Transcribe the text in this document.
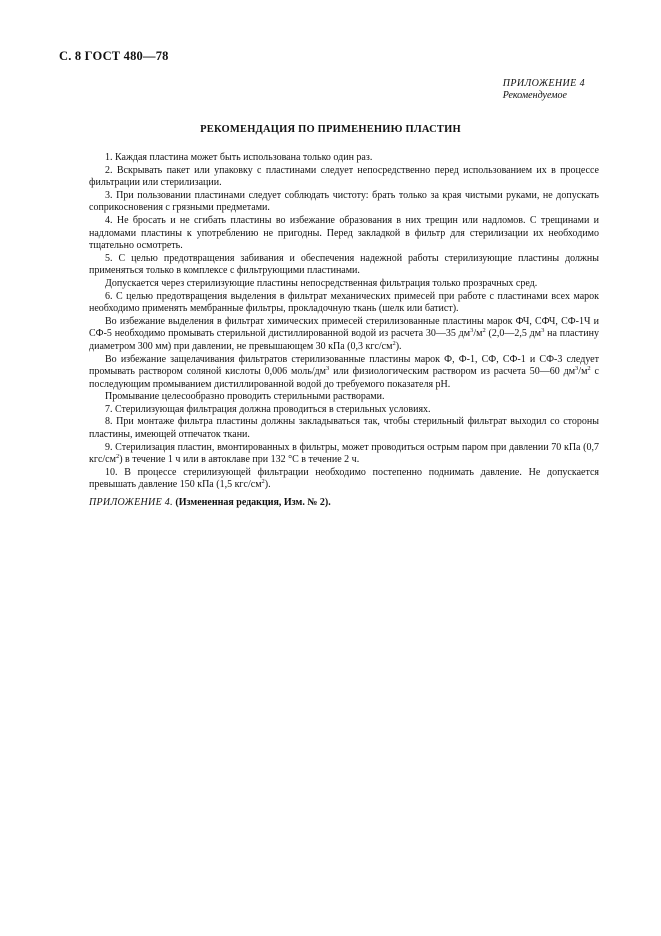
С. 8 ГОСТ 480—78
ПРИЛОЖЕНИЕ 4
Рекомендуемое
РЕКОМЕНДАЦИЯ ПО ПРИМЕНЕНИЮ ПЛАСТИН

1. Каждая пластина может быть использована только один раз.

2. Вскрывать пакет или упаковку с пластинами следует непосредственно перед использованием их в процессе фильтрации или стерилизации.

3. При пользовании пластинами следует соблюдать чистоту: брать только за края чистыми руками, не допускать соприкосновения с грязными предметами.

4. Не бросать и не сгибать пластины во избежание образования в них трещин или надломов. С трещинами и надломами пластины к употреблению не пригодны. Перед закладкой в фильтр для стерилизации их необходимо тщательно осмотреть.

5. С целью предотвращения забивания и обеспечения надежной работы стерилизующие пластины должны применяться только в комплексе с фильтрующими пластинами.

Допускается через стерилизующие пластины непосредственная фильтрация только прозрачных сред.

6. С целью предотвращения выделения в фильтрат механических примесей при работе с пластинами всех марок необходимо применять мембранные фильтры, прокладочную ткань (шелк или батист).

Во избежание выделения в фильтрат химических примесей стерилизованные пластины марок ФЧ, СФЧ, СФ-1Ч и СФ-5 необходимо промывать стерильной дистиллированной водой из расчета 30—35 $дм^3/м^2$ (2,0—2,5 $дм^3$ на пластину диаметром 300 мм) при давлении, не превышающем 30 кПа (0,3 кгс/$см^2$).

Во избежание защелачивания фильтратов стерилизованные пластины марок Ф, Ф-1, СФ, СФ-1 и СФ-3 следует промывать раствором соляной кислоты 0,006 моль/$дм^3$ или физиологическим раствором из расчета 50—60 $дм^3/м^2$ с последующим промыванием дистиллированной водой до требуемого показателя рН.

Промывание целесообразно проводить стерильными растворами.

7. Стерилизующая фильтрация должна проводиться в стерильных условиях.

8. При монтаже фильтра пластины должны закладываться так, чтобы стерильный фильтрат выходил со стороны пластины, имеющей отпечаток ткани.

9. Стерилизация пластин, вмонтированных в фильтры, может проводиться острым паром при давлении 70 кПа (0,7 кгс/$см^2$) в течение 1 ч или в автоклаве при 132 °С в течение 2 ч.

10. В процессе стерилизующей фильтрации необходимо постепенно поднимать давление. Не допускается превышать давление 150 кПа (1,5 кгс/$см^2$).

ПРИЛОЖЕНИЕ 4. (Измененная редакция, Изм. № 2).
